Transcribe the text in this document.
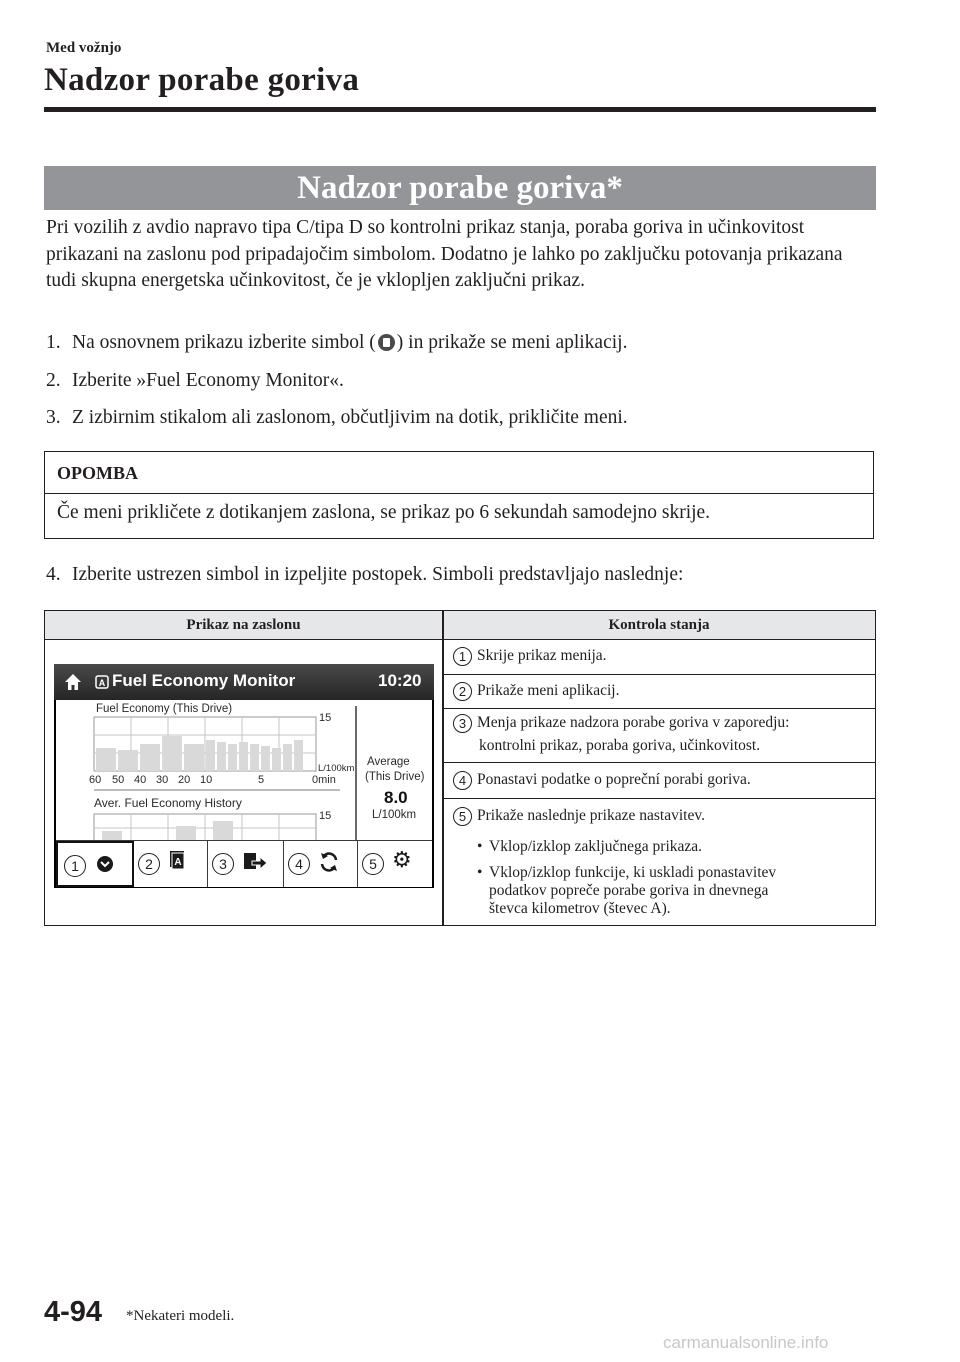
Med vožnjo
Nadzor porabe goriva
Nadzor porabe goriva*
Pri vozilih z avdio napravo tipa C/tipa D so kontrolni prikaz stanja, poraba goriva in učinkovitost prikazani na zaslonu pod pripadajočim simbolom. Dodatno je lahko po zaključku potovanja prikazana tudi skupna energetska učinkovitost, če je vklopljen zaključni prikaz.
1. Na osnovnem prikazu izberite simbol ( ) in prikaže se meni aplikacij.
2. Izberite »Fuel Economy Monitor«.
3. Z izbirnim stikalom ali zaslonom, občutljivim na dotik, prikličite meni.
OPOMBA
Če meni prikličete z dotikanjem zaslona, se prikaz po 6 sekundah samodejno skrije.
4. Izberite ustrezen simbol in izpeljite postopek. Simboli predstavljajo naslednje:
Prikaz na zaslonu	Kontrola stanja
1 Skrije prikaz menija.
2 Prikaže meni aplikacij.
3 Menja prikaze nadzora porabe goriva v zaporedju:
kontrolni prikaz, poraba goriva, učinkovitost.
4 Ponastavi podatke o popreční porabi goriva.
5 Prikaže naslednje prikaze nastavitev.
• Vklop/izklop zaključnega prikaza.
• Vklop/izklop funkcije, ki uskladi ponastavitev
podatkov popreče porabe goriva in dnevnega
števca kilometrov (števec A).
A Fuel Economy Monitor	10:20
Fuel Economy (This Drive)
15
L/100km
60 50 40 30 20 10	5	0min
Average
(This Drive)
8.0
L/100km
Aver. Fuel Economy History
15
1	2	A	3	4	5 ⚙
4-94 *Nekateri modeli.
carmanualsonline.info
